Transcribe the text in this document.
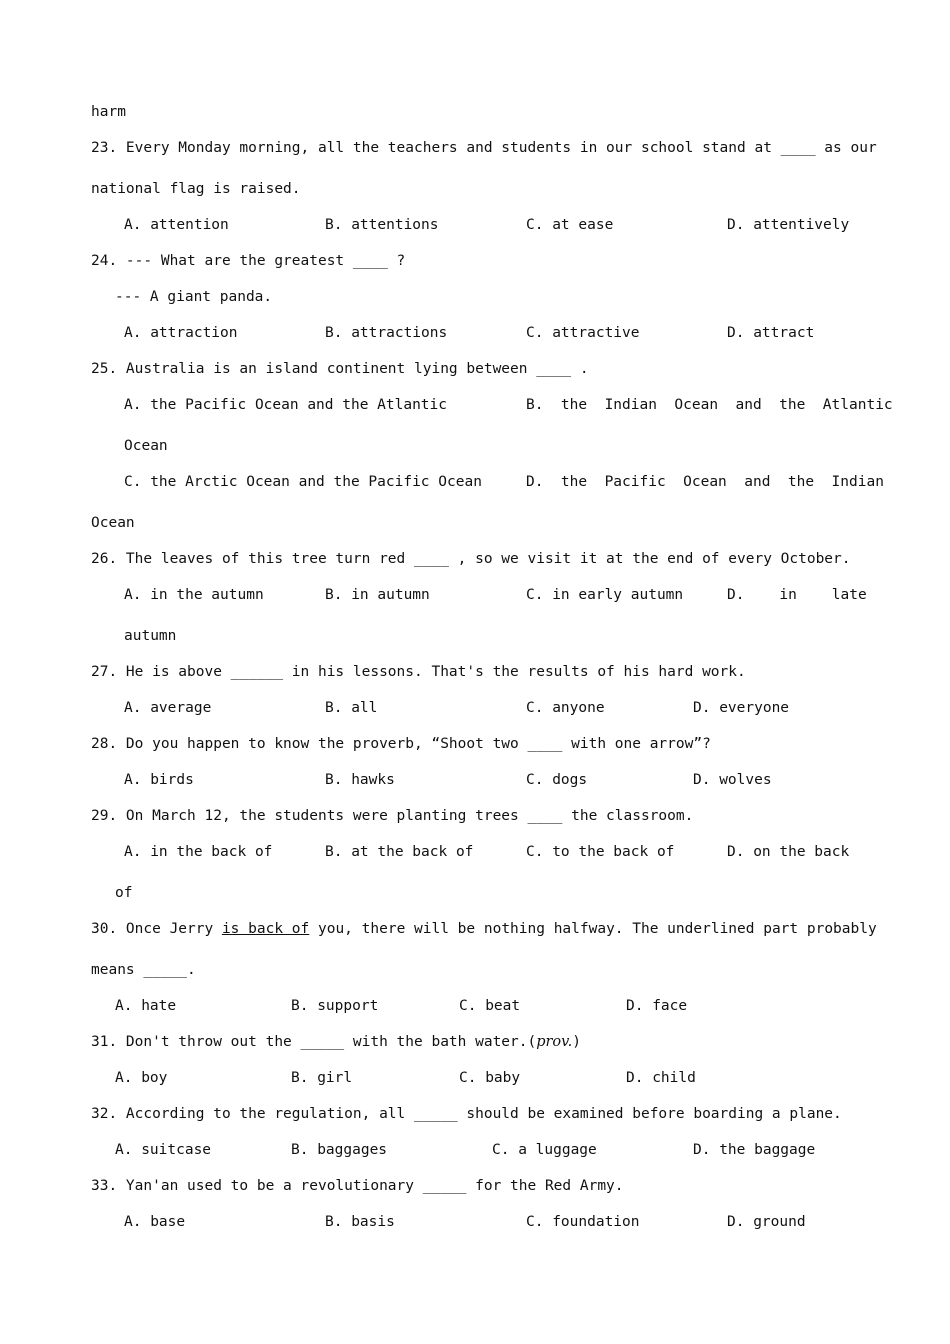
harm
23. Every Monday morning, all the teachers and students in our school stand at ____ as our
national flag is raised.
A. attention	B. attentions	C. at ease	D. attentively
24. --- What are the greatest ____ ?
--- A giant panda.
A. attraction	B. attractions	C. attractive	D. attract
25. Australia is an island continent lying between ____ .
A. the Pacific Ocean and the Atlantic	B.  the  Indian  Ocean  and  the  Atlantic
Ocean
C. the Arctic Ocean and the Pacific Ocean	D.  the  Pacific  Ocean  and  the  Indian
Ocean
26. The leaves of this tree turn red ____ , so we visit it at the end of every October.
A. in the autumn	B. in autumn	C. in early autumn	D.    in    late
autumn
27. He is above ______ in his lessons. That's the results of his hard work.
A. average	B. all	C. anyone	D. everyone
28. Do you happen to know the proverb, “Shoot two ____ with one arrow”?
A. birds	B. hawks	C. dogs	D. wolves
29. On March 12, the students were planting trees ____ the classroom.
A. in the back of	B. at the back of	C. to the back of	D. on the back
of
30. Once Jerry is back of you, there will be nothing halfway. The underlined part probably
means _____.
A. hate	B. support	C. beat	D. face
31. Don't throw out the _____ with the bath water.(prov.)
A. boy	B. girl	C. baby	D. child
32. According to the regulation, all _____ should be examined before boarding a plane.
A. suitcase	B. baggages	C. a luggage	D. the baggage
33. Yan'an used to be a revolutionary _____ for the Red Army.
A. base	B. basis	C. foundation	D. ground
